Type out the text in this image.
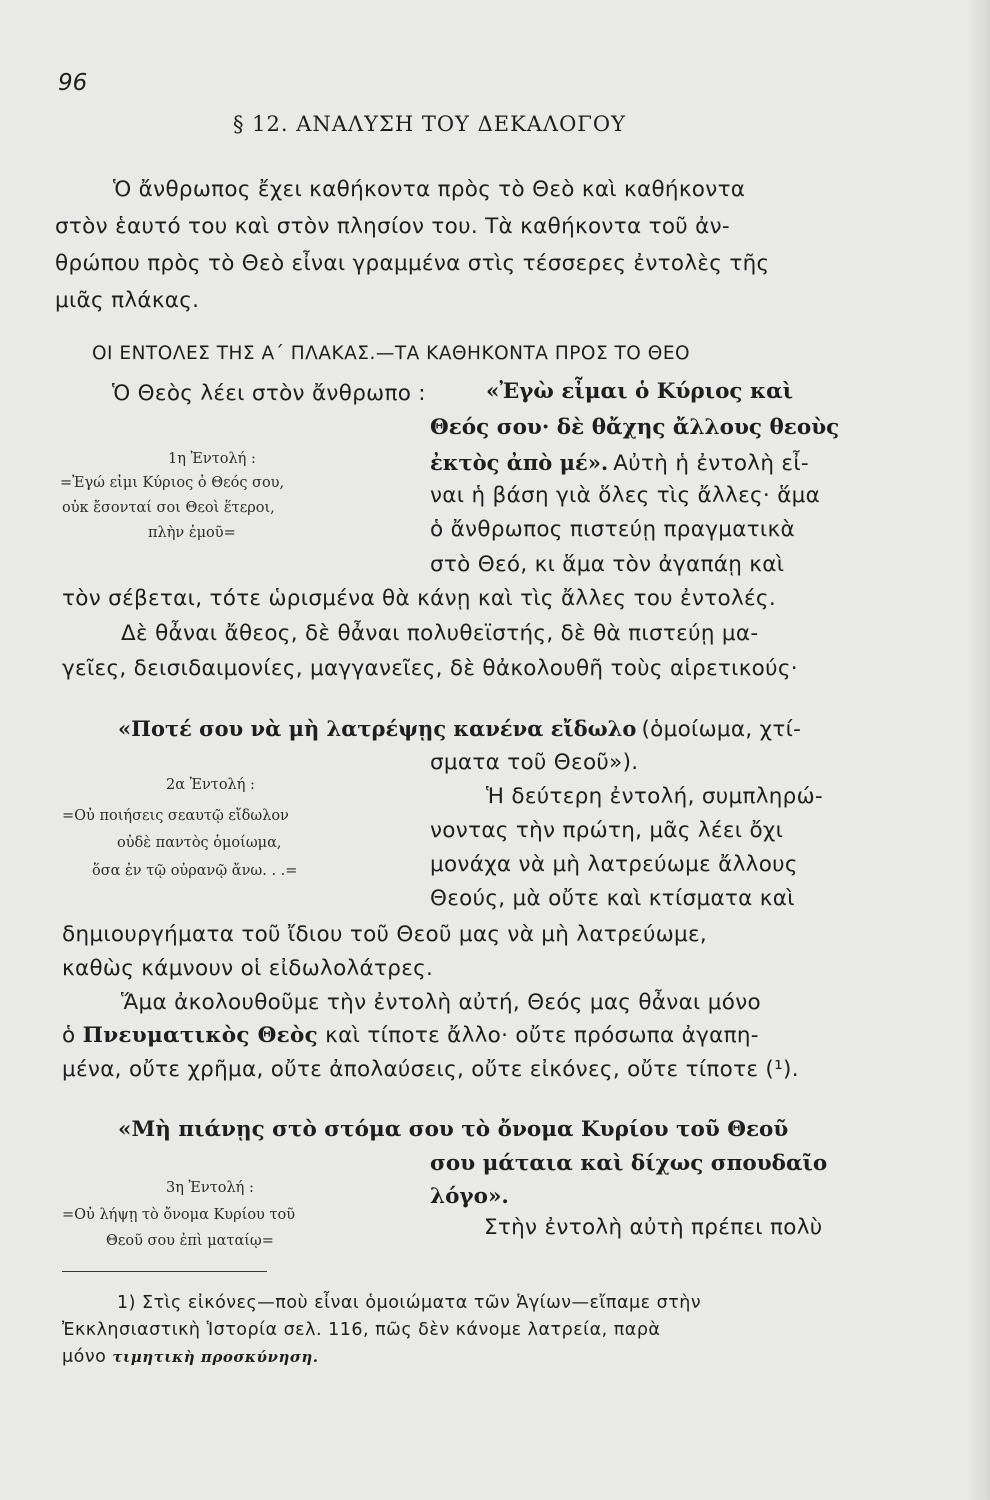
96
§ 12. ΑΝΑΛΥΣΗ ΤΟΥ ΔΕΚΑΛΟΓΟΥ
Ὁ ἄνθρωπος ἔχει καθήκοντα πρὸς τὸ Θεὸ καὶ καθήκοντα
στὸν ἑαυτό του καὶ στὸν πλησίον του. Τὰ καθήκοντα τοῦ ἀν-
θρώπου πρὸς τὸ Θεὸ εἶναι γραμμένα στὶς τέσσερες ἐντολὲς τῆς
μιᾶς πλάκας.
ΟΙ ΕΝΤΟΛΕΣ ΤΗΣ Α΄ ΠΛΑΚΑΣ.—ΤΑ ΚΑΘΗΚΟΝΤΑ ΠΡΟΣ ΤΟ ΘΕΟ
Ὁ Θεὸς λέει στὸν ἄνθρωπο :	«Ἐγὼ εἶμαι ὁ Κύριος καὶ
Θεός σου· δὲ θἄχης ἄλλους θεοὺς
ἐκτὸς ἀπὸ μέ». Αὐτὴ ἡ ἐντολὴ εἶ-
ναι ἡ βάση γιὰ ὅλες τὶς ἄλλες· ἅμα
ὁ ἄνθρωπος πιστεύῃ πραγματικὰ
στὸ Θεό, κι ἅμα τὸν ἀγαπάῃ καὶ
1η Ἐντολή :
=Ἐγώ εἰμι Κύριος ὁ Θεός σου,
οὐκ ἔσονταί σοι Θεοὶ ἕτεροι,
πλὴν ἐμοῦ=
τὸν σέβεται, τότε ὡρισμένα θὰ κάνῃ καὶ τὶς ἄλλες του ἐντολές.
Δὲ θἆναι ἄθεος, δὲ θἆναι πολυθεϊστής, δὲ θὰ πιστεύῃ μα-
γεῖες, δεισιδαιμονίες, μαγγανεῖες, δὲ θἀκολουθῆ τοὺς αἱρετικούς·
«Ποτέ σου νὰ μὴ λατρέψῃς κανένα εἴδωλο (ὁμοίωμα, χτί-
σματα τοῦ Θεοῦ»).
Ἡ δεύτερη ἐντολή, συμπληρώ-
νοντας τὴν πρώτη, μᾶς λέει ὄχι
μονάχα νὰ μὴ λατρεύωμε ἄλλους
Θεούς, μὰ οὔτε καὶ κτίσματα καὶ
2α Ἐντολή :
=Οὐ ποιήσεις σεαυτῷ εἴδωλον
οὐδὲ παντὸς ὁμοίωμα,
ὅσα ἐν τῷ οὐρανῷ ἄνω. . .=
δημιουργήματα τοῦ ἴδιου τοῦ Θεοῦ μας νὰ μὴ λατρεύωμε,
καθὼς κάμνουν οἱ εἰδωλολάτρες.
Ἅμα ἀκολουθοῦμε τὴν ἐντολὴ αὐτή, Θεός μας θἆναι μόνο
ὁ Πνευματικὸς Θεὸς καὶ τίποτε ἄλλο· οὔτε πρόσωπα ἀγαπη-
μένα, οὔτε χρῆμα, οὔτε ἀπολαύσεις, οὔτε εἰκόνες, οὔτε τίποτε (¹).
«Μὴ πιάνῃς στὸ στόμα σου τὸ ὄνομα Κυρίου τοῦ Θεοῦ
σου μάταια καὶ δίχως σπουδαῖο
λόγο».
Στὴν ἐντολὴ αὐτὴ πρέπει πολὺ
3η Ἐντολή :
=Οὐ λήψῃ τὸ ὄνομα Κυρίου τοῦ
Θεοῦ σου ἐπὶ ματαίῳ=
1) Στὶς εἰκόνες—ποὺ εἶναι ὁμοιώματα τῶν Ἁγίων—εἴπαμε στὴν
Ἐκκλησιαστικὴ Ἱστορία σελ. 116, πῶς δὲν κάνομε λατρεία, παρὰ
μόνο τιμητικὴ προσκύνηση.
